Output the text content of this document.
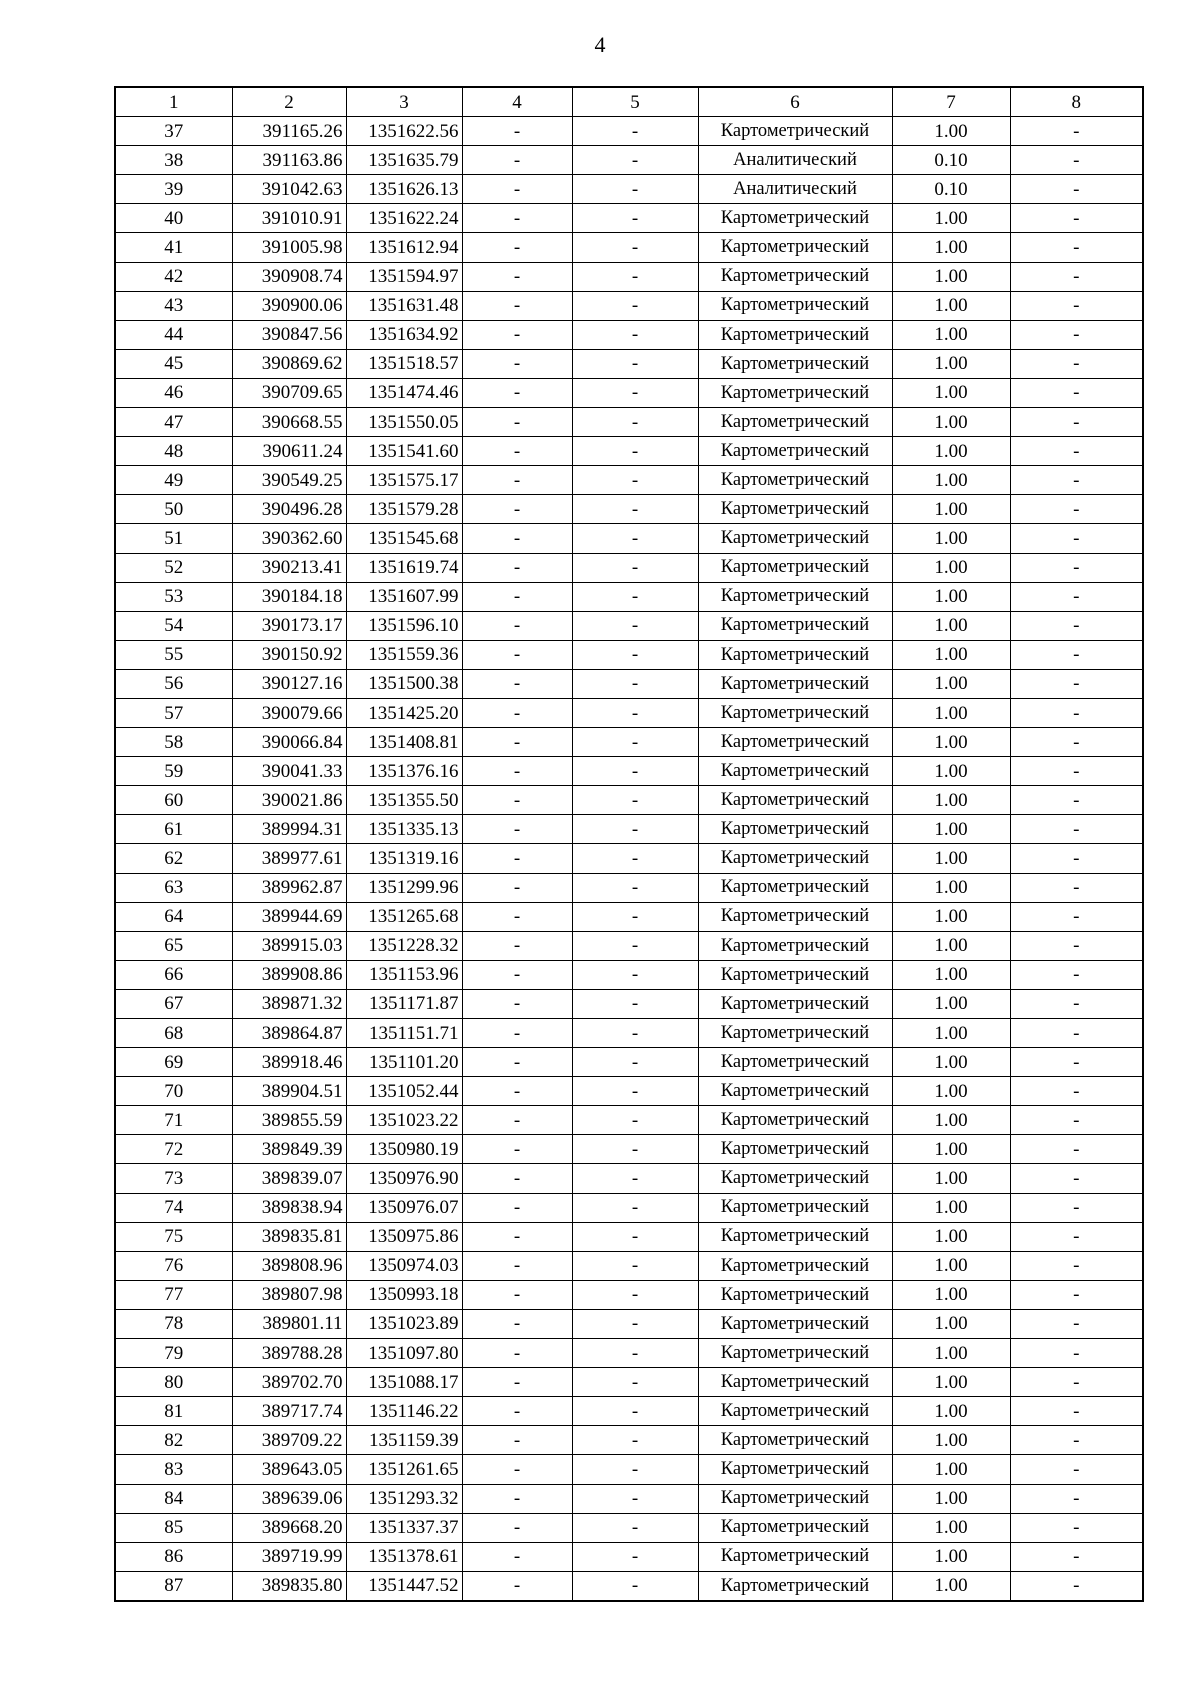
4
1	2	3	4	5	6	7	8
37	391165.26	1351622.56	-	-	Картометрический	1.00	-
38	391163.86	1351635.79	-	-	Аналитический	0.10	-
39	391042.63	1351626.13	-	-	Аналитический	0.10	-
40	391010.91	1351622.24	-	-	Картометрический	1.00	-
41	391005.98	1351612.94	-	-	Картометрический	1.00	-
42	390908.74	1351594.97	-	-	Картометрический	1.00	-
43	390900.06	1351631.48	-	-	Картометрический	1.00	-
44	390847.56	1351634.92	-	-	Картометрический	1.00	-
45	390869.62	1351518.57	-	-	Картометрический	1.00	-
46	390709.65	1351474.46	-	-	Картометрический	1.00	-
47	390668.55	1351550.05	-	-	Картометрический	1.00	-
48	390611.24	1351541.60	-	-	Картометрический	1.00	-
49	390549.25	1351575.17	-	-	Картометрический	1.00	-
50	390496.28	1351579.28	-	-	Картометрический	1.00	-
51	390362.60	1351545.68	-	-	Картометрический	1.00	-
52	390213.41	1351619.74	-	-	Картометрический	1.00	-
53	390184.18	1351607.99	-	-	Картометрический	1.00	-
54	390173.17	1351596.10	-	-	Картометрический	1.00	-
55	390150.92	1351559.36	-	-	Картометрический	1.00	-
56	390127.16	1351500.38	-	-	Картометрический	1.00	-
57	390079.66	1351425.20	-	-	Картометрический	1.00	-
58	390066.84	1351408.81	-	-	Картометрический	1.00	-
59	390041.33	1351376.16	-	-	Картометрический	1.00	-
60	390021.86	1351355.50	-	-	Картометрический	1.00	-
61	389994.31	1351335.13	-	-	Картометрический	1.00	-
62	389977.61	1351319.16	-	-	Картометрический	1.00	-
63	389962.87	1351299.96	-	-	Картометрический	1.00	-
64	389944.69	1351265.68	-	-	Картометрический	1.00	-
65	389915.03	1351228.32	-	-	Картометрический	1.00	-
66	389908.86	1351153.96	-	-	Картометрический	1.00	-
67	389871.32	1351171.87	-	-	Картометрический	1.00	-
68	389864.87	1351151.71	-	-	Картометрический	1.00	-
69	389918.46	1351101.20	-	-	Картометрический	1.00	-
70	389904.51	1351052.44	-	-	Картометрический	1.00	-
71	389855.59	1351023.22	-	-	Картометрический	1.00	-
72	389849.39	1350980.19	-	-	Картометрический	1.00	-
73	389839.07	1350976.90	-	-	Картометрический	1.00	-
74	389838.94	1350976.07	-	-	Картометрический	1.00	-
75	389835.81	1350975.86	-	-	Картометрический	1.00	-
76	389808.96	1350974.03	-	-	Картометрический	1.00	-
77	389807.98	1350993.18	-	-	Картометрический	1.00	-
78	389801.11	1351023.89	-	-	Картометрический	1.00	-
79	389788.28	1351097.80	-	-	Картометрический	1.00	-
80	389702.70	1351088.17	-	-	Картометрический	1.00	-
81	389717.74	1351146.22	-	-	Картометрический	1.00	-
82	389709.22	1351159.39	-	-	Картометрический	1.00	-
83	389643.05	1351261.65	-	-	Картометрический	1.00	-
84	389639.06	1351293.32	-	-	Картометрический	1.00	-
85	389668.20	1351337.37	-	-	Картометрический	1.00	-
86	389719.99	1351378.61	-	-	Картометрический	1.00	-
87	389835.80	1351447.52	-	-	Картометрический	1.00	-
